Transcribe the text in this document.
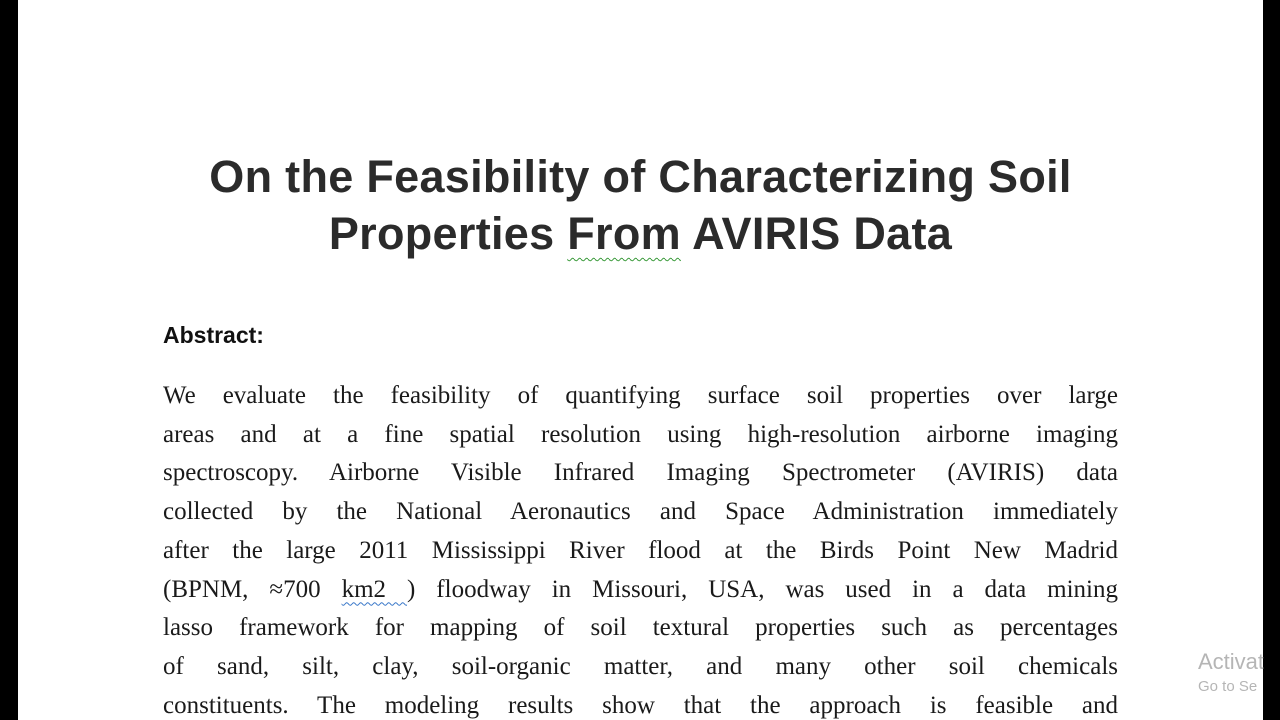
On the Feasibility of Characterizing Soil
Properties From AVIRIS Data
Abstract:
We evaluate the feasibility of quantifying surface soil properties over large
areas and at a fine spatial resolution using high-resolution airborne imaging
spectroscopy. Airborne Visible Infrared Imaging Spectrometer (AVIRIS) data
collected by the National Aeronautics and Space Administration immediately
after the large 2011 Mississippi River flood at the Birds Point New Madrid
(BPNM, ≈700 km2 ) floodway in Missouri, USA, was used in a data mining
lasso framework for mapping of soil textural properties such as percentages
of sand, silt, clay, soil-organic matter, and many other soil chemicals
constituents. The modeling results show that the approach is feasible and
Activat
Go to Se
